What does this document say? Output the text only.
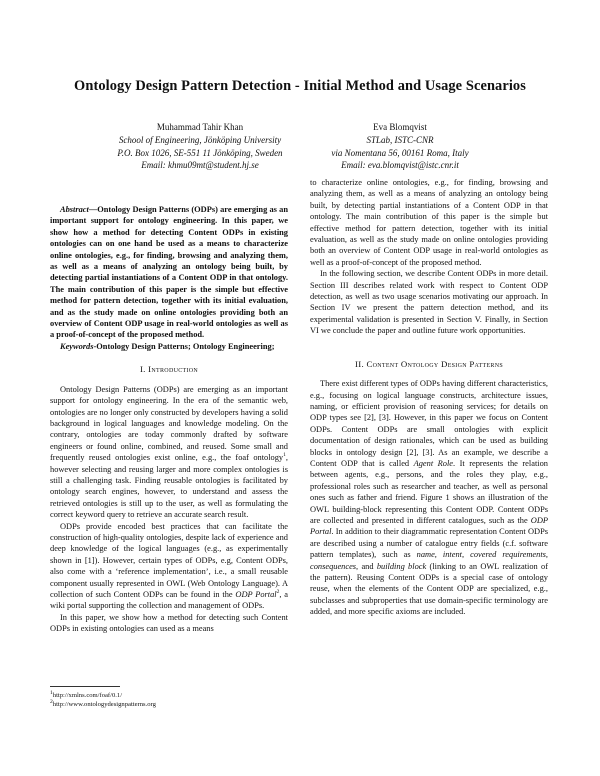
Ontology Design Pattern Detection - Initial Method and Usage Scenarios
Muhammad Tahir Khan
School of Engineering, Jönköping University
P.O. Box 1026, SE-551 11 Jönköping, Sweden
Email: khmu09mt@student.hj.se
Eva Blomqvist
STLab, ISTC-CNR
via Nomentana 56, 00161 Roma, Italy
Email: eva.blomqvist@istc.cnr.it

Abstract—Ontology Design Patterns (ODPs) are emerging as an important support for ontology engineering. In this paper, we show how a method for detecting Content ODPs in existing ontologies can on one hand be used as a means to characterize online ontologies, e.g., for finding, browsing and analyzing them, as well as a means of analyzing an ontology being built, by detecting partial instantiations of a Content ODP in that ontology. The main contribution of this paper is the simple but effective method for pattern detection, together with its initial evaluation, and as the study made on online ontologies providing both an overview of Content ODP usage in real-world ontologies as well as a proof-of-concept of the proposed method.

Keywords-Ontology Design Patterns; Ontology Engineering;

I. Introduction

Ontology Design Patterns (ODPs) are emerging as an important support for ontology engineering. In the era of the semantic web, ontologies are no longer only constructed by developers having a solid background in logical languages and knowledge modeling. On the contrary, ontologies are today commonly drafted by software engineers or found online, combined, and reused. Some small and frequently reused ontologies exist online, e.g., the foaf ontology$^1$, however selecting and reusing larger and more complex ontologies is still a challenging task. Finding reusable ontologies is facilitated by ontology search engines, however, to understand and assess the retrieved ontologies is still up to the user, as well as formulating the correct keyword query to retrieve an accurate search result.

ODPs provide encoded best practices that can facilitate the construction of high-quality ontologies, despite lack of experience and deep knowledge of the logical languages (e.g., as experimentally shown in [1]). However, certain types of ODPs, e.g, Content ODPs, also come with a ‘reference implementation’, i.e., a small reusable component usually represented in OWL (Web Ontology Language). A collection of such Content ODPs can be found in the ODP Portal$^2$, a wiki portal supporting the collection and management of ODPs.

In this paper, we show how a method for detecting such Content ODPs in existing ontologies can used as a means

$^1$http://xmlns.com/foaf/0.1/
$^2$http://www.ontologydesignpatterns.org

to characterize online ontologies, e.g., for finding, browsing and analyzing them, as well as a means of analyzing an ontology being built, by detecting partial instantiations of a Content ODP in that ontology. The main contribution of this paper is the simple but effective method for pattern detection, together with its initial evaluation, as well as the study made on online ontologies providing both an overview of Content ODP usage in real-world ontologies as well as a proof-of-concept of the proposed method.

In the following section, we describe Content ODPs in more detail. Section III describes related work with respect to Content ODP detection, as well as two usage scenarios motivating our approach. In Section IV we present the pattern detection method, and its experimental validation is presented in Section V. Finally, in Section VI we conclude the paper and outline future work opportunities.

II. Content Ontology Design Patterns

There exist different types of ODPs having different characteristics, e.g., focusing on logical language constructs, architecture issues, naming, or efficient provision of reasoning services; for details on ODP types see [2], [3]. However, in this paper we focus on Content ODPs. Content ODPs are small ontologies with explicit documentation of design rationales, which can be used as building blocks in ontology design [2], [3]. As an example, we describe a Content ODP that is called Agent Role. It represents the relation between agents, e.g., persons, and the roles they play, e.g., professional roles such as researcher and teacher, as well as personal ones such as father and friend. Figure 1 shows an illustration of the OWL building-block representing this Content ODP. Content ODPs are collected and presented in different catalogues, such as the ODP Portal. In addition to their diagrammatic representation Content ODPs are described using a number of catalogue entry fields (c.f. software pattern templates), such as name, intent, covered requirements, consequences, and building block (linking to an OWL realization of the pattern). Reusing Content ODPs is a special case of ontology reuse, when the elements of the Content ODP are specialized, e.g., subclasses and subproperties that use domain-specific terminology are added, and more specific axioms are included.
